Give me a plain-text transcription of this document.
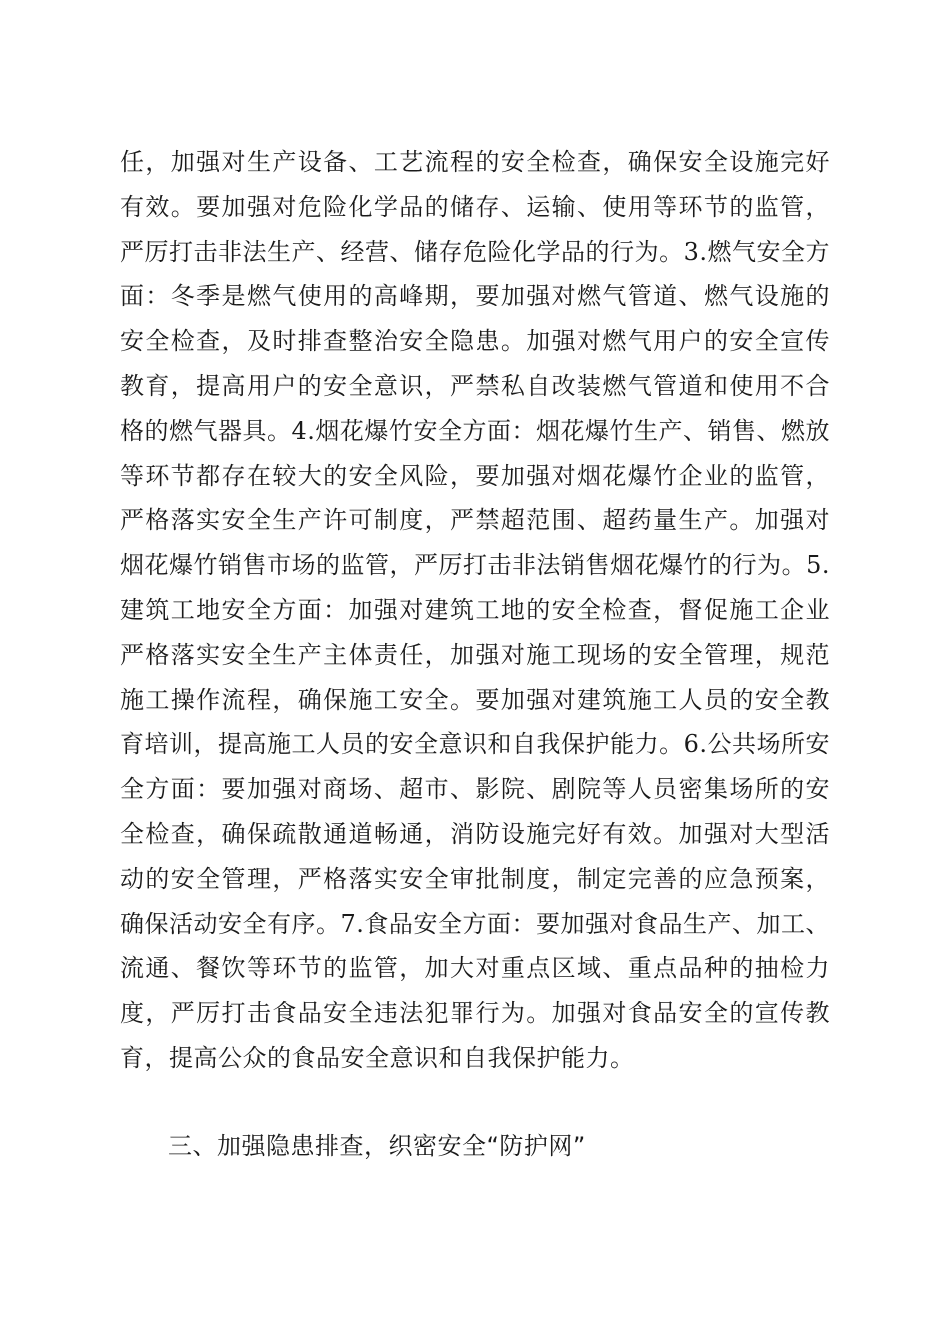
任，加强对生产设备、工艺流程的安全检查，确保安全设施完好有效。要加强对危险化学品的储存、运输、使用等环节的监管，严厉打击非法生产、经营、储存危险化学品的行为。3.燃气安全方面：冬季是燃气使用的高峰期，要加强对燃气管道、燃气设施的安全检查，及时排查整治安全隐患。加强对燃气用户的安全宣传教育，提高用户的安全意识，严禁私自改装燃气管道和使用不合格的燃气器具。4.烟花爆竹安全方面：烟花爆竹生产、销售、燃放等环节都存在较大的安全风险，要加强对烟花爆竹企业的监管，严格落实安全生产许可制度，严禁超范围、超药量生产。加强对烟花爆竹销售市场的监管，严厉打击非法销售烟花爆竹的行为。5.建筑工地安全方面：加强对建筑工地的安全检查，督促施工企业严格落实安全生产主体责任，加强对施工现场的安全管理，规范施工操作流程，确保施工安全。要加强对建筑施工人员的安全教育培训，提高施工人员的安全意识和自我保护能力。6.公共场所安全方面：要加强对商场、超市、影院、剧院等人员密集场所的安全检查，确保疏散通道畅通，消防设施完好有效。加强对大型活动的安全管理，严格落实安全审批制度，制定完善的应急预案，确保活动安全有序。7.食品安全方面：要加强对食品生产、加工、流通、餐饮等环节的监管，加大对重点区域、重点品种的抽检力度，严厉打击食品安全违法犯罪行为。加强对食品安全的宣传教育，提高公众的食品安全意识和自我保护能力。

三、加强隐患排查，织密安全“防护网”
